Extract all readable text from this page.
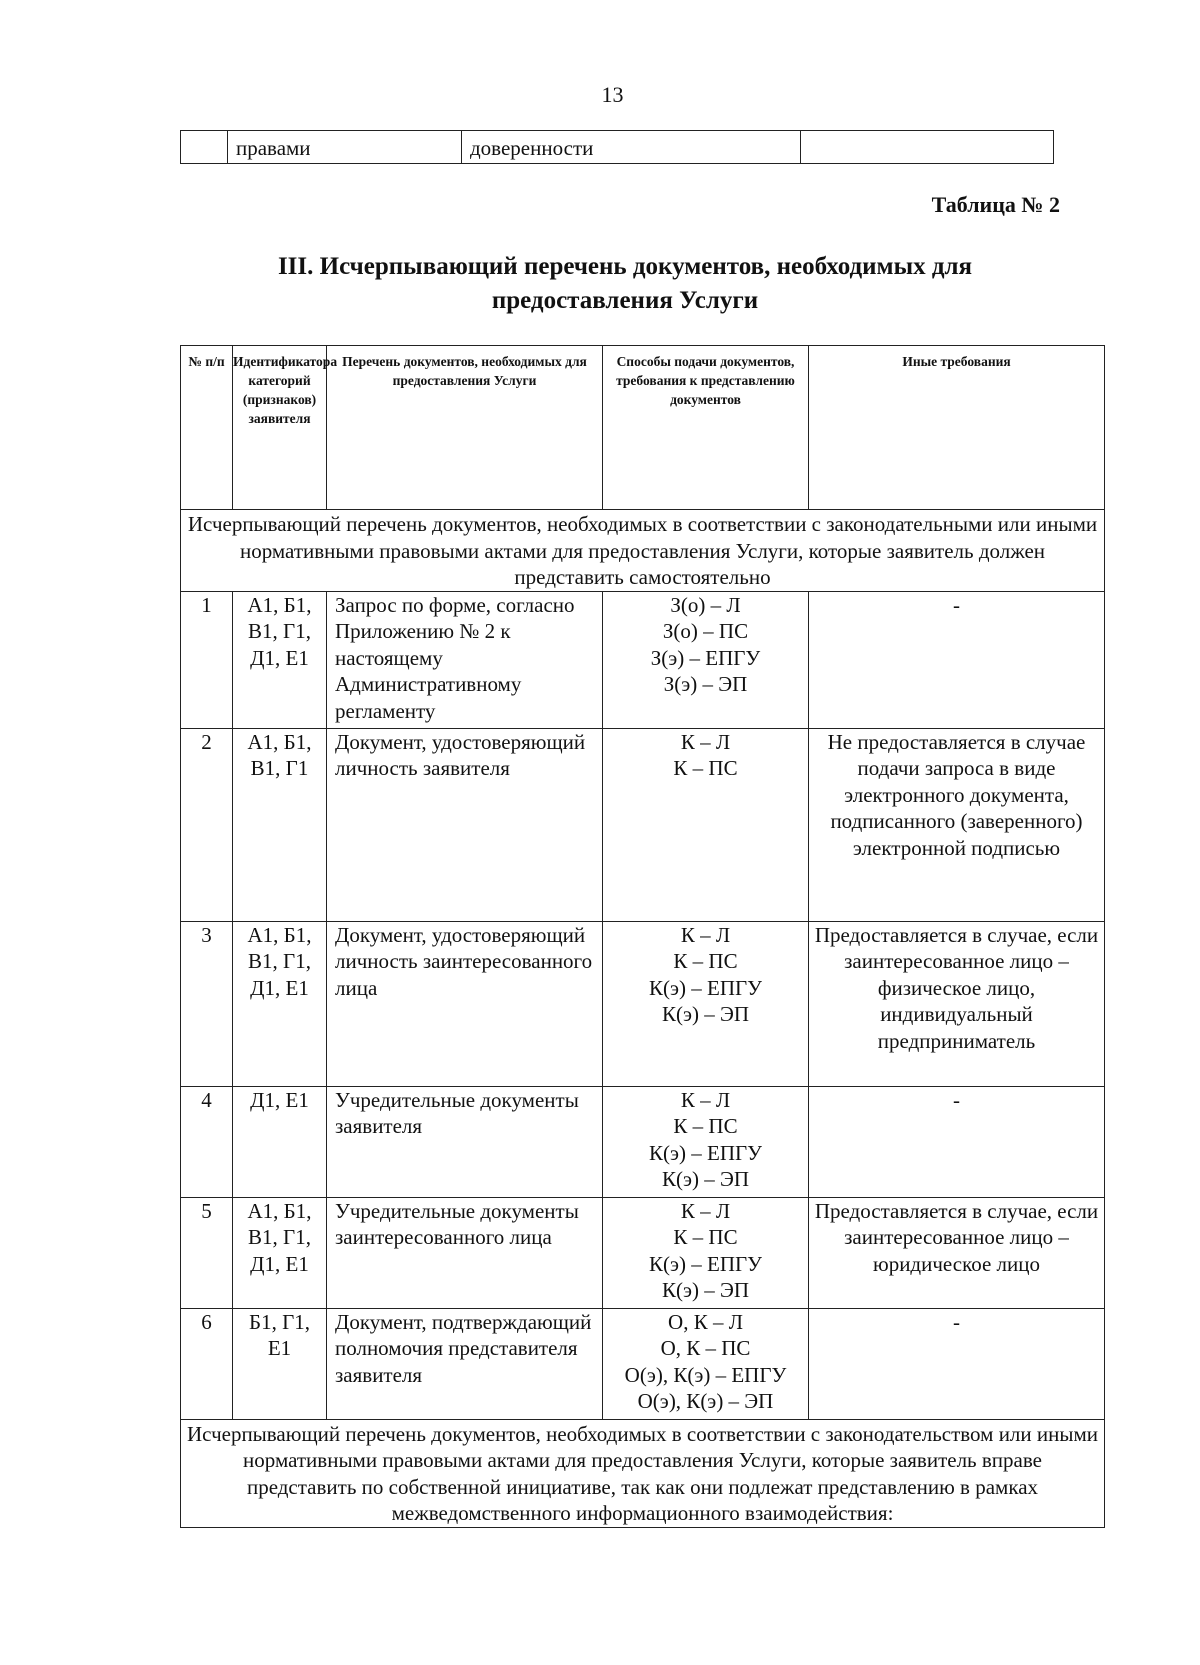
13
	правами	доверенности	
Таблица № 2
III. Исчерпывающий перечень документов, необходимых для предоставления Услуги
№ п/п	Идентификатора категорий (признаков) заявителя	Перечень документов, необходимых для предоставления Услуги	Способы подачи документов, требования к представлению документов	Иные требования
Исчерпывающий перечень документов, необходимых в соответствии с законодательными или иными нормативными правовыми актами для предоставления Услуги, которые заявитель должен представить самостоятельно				
1	А1, Б1,
В1, Г1,
Д1, Е1	Запрос по форме, согласно Приложению № 2 к настоящему Административному регламенту	З(о) – Л
З(о) – ПС
З(э) – ЕПГУ
З(э) – ЭП	-
2	А1, Б1,
В1, Г1	Документ, удостоверяющий личность заявителя	К – Л
К – ПС	Не предоставляется в случае подачи запроса в виде электронного документа, подписанного (заверенного) электронной подписью
3	А1, Б1,
В1, Г1,
Д1, Е1	Документ, удостоверяющий личность заинтересованного лица	К – Л
К – ПС
К(э) – ЕПГУ
К(э) – ЭП	Предоставляется в случае, если заинтересованное лицо – физическое лицо, индивидуальный предприниматель
4	Д1, Е1	Учредительные документы заявителя	К – Л
К – ПС
К(э) – ЕПГУ
К(э) – ЭП	-
5	А1, Б1,
В1, Г1,
Д1, Е1	Учредительные документы заинтересованного лица	К – Л
К – ПС
К(э) – ЕПГУ
К(э) – ЭП	Предоставляется в случае, если заинтересованное лицо – юридическое лицо
6	Б1, Г1,
Е1	Документ, подтверждающий полномочия представителя заявителя	О, К – Л
О, К – ПС
О(э), К(э) – ЕПГУ
О(э), К(э) – ЭП	-
Исчерпывающий перечень документов, необходимых в соответствии с законодательством или иными нормативными правовыми актами для предоставления Услуги, которые заявитель вправе представить по собственной инициативе, так как они подлежат представлению в рамках межведомственного информационного взаимодействия:				
